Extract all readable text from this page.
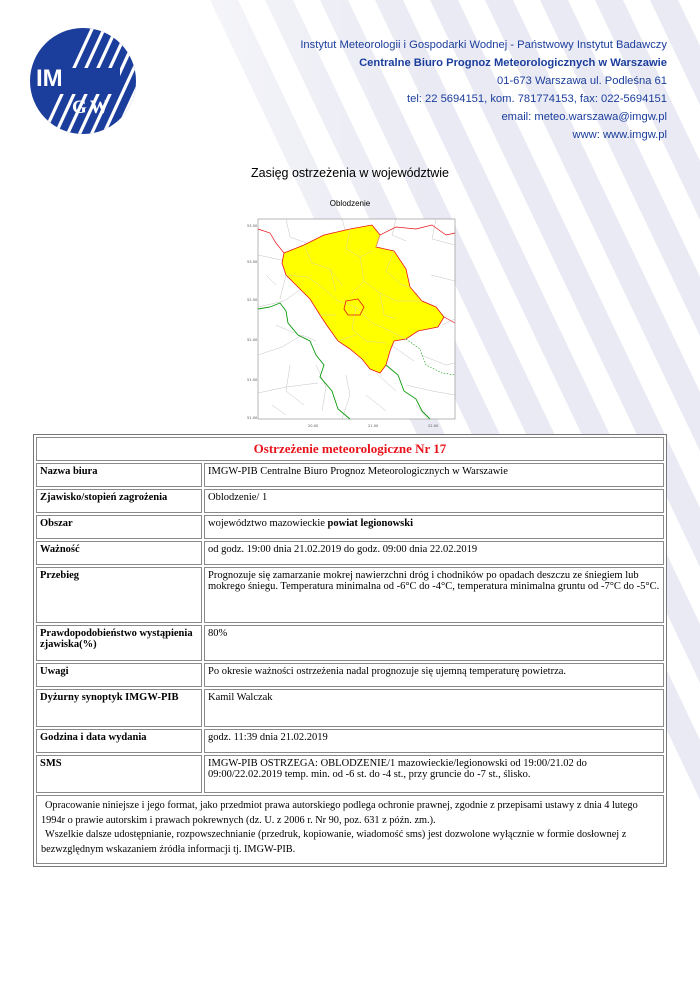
IM
GW
Instytut Meteorologii i Gospodarki Wodnej - Państwowy Instytut Badawczy
Centralne Biuro Prognoz Meteorologicznych w Warszawie
01-673 Warszawa ul. Podleśna 61
tel: 22 5694151, kom. 781774153, fax: 022-5694151
email: meteo.warszawa@imgw.pl
www: www.imgw.pl
Zasięg ostrzeżenia w województwie
Oblodzenie
53.50
53.00
52.50
52.00
51.50
51.00
20.00	21.00	22.00
Ostrzeżenie meteorologiczne Nr 17	
Nazwa biura	IMGW-PIB Centralne Biuro Prognoz Meteorologicznych w Warszawie
Zjawisko/stopień zagrożenia	Oblodzenie/ 1
Obszar	województwo mazowieckie powiat legionowski
Ważność	od godz. 19:00 dnia 21.02.2019 do godz. 09:00 dnia 22.02.2019
Przebieg	Prognozuje się zamarzanie mokrej nawierzchni dróg i chodników po opadach deszczu ze śniegiem lub mokrego śniegu. Temperatura minimalna od -6°C do -4°C, temperatura minimalna gruntu od -7°C do -5°C.
Prawdopodobieństwo wystąpienia zjawiska(%)	80%
Uwagi	Po okresie ważności ostrzeżenia nadal prognozuje się ujemną temperaturę powietrza.
Dyżurny synoptyk IMGW-PIB	Kamil Walczak
Godzina i data wydania	godz. 11:39 dnia 21.02.2019
SMS	IMGW-PIB OSTRZEGA: OBLODZENIE/1 mazowieckie/legionowski od 19:00/21.02 do 09:00/22.02.2019 temp. min. od -6 st. do -4 st., przy gruncie do -7 st., ślisko.

Opracowanie niniejsze i jego format, jako przedmiot prawa autorskiego podlega ochronie prawnej, zgodnie z przepisami ustawy z dnia 4 lutego 1994r o prawie autorskim i prawach pokrewnych (dz. U. z 2006 r. Nr 90, poz. 631 z późn. zm.).
Wszelkie dalsze udostępnianie, rozpowszechnianie (przedruk, kopiowanie, wiadomość sms) jest dozwolone wyłącznie w formie dosłownej z bezwzględnym wskazaniem źródła informacji tj. IMGW-PIB.	
